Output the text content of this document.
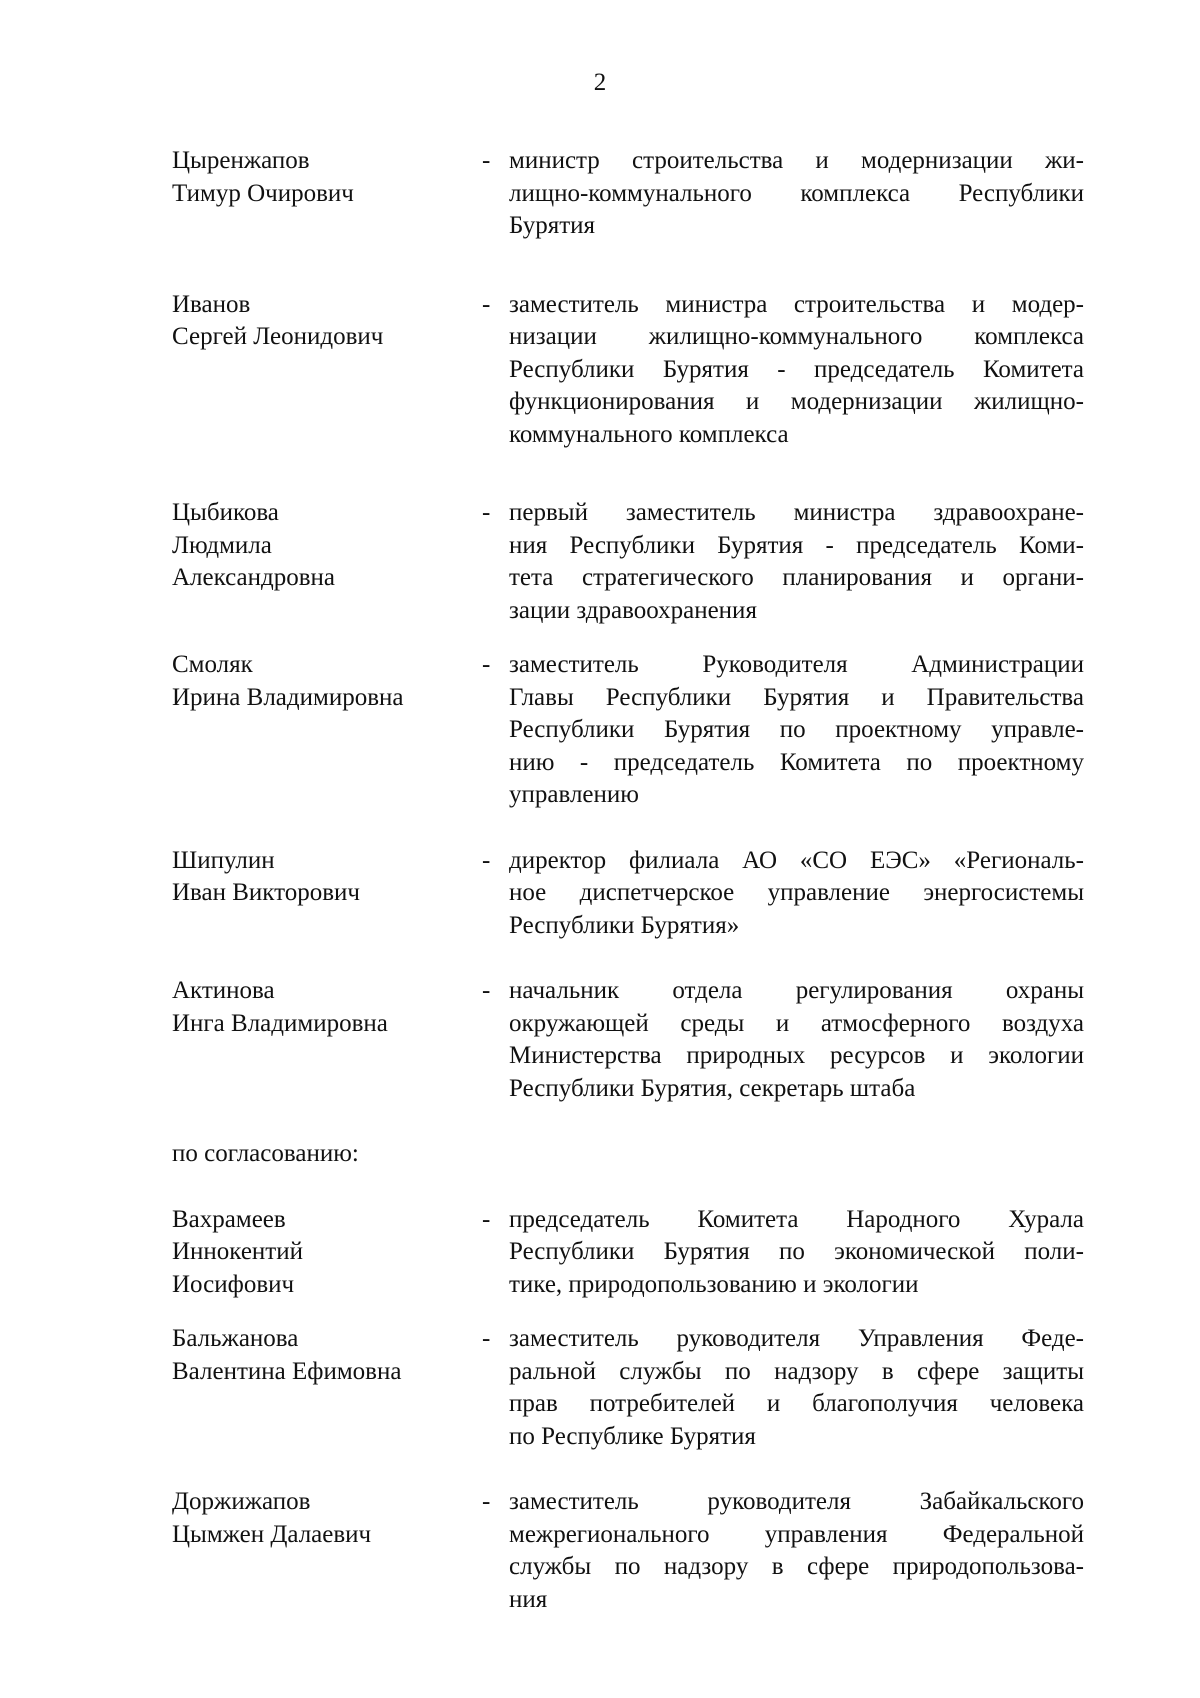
2
Цыренжапов
Тимур Очирович
- министр строительства и модернизации жи-
лищно-коммунального комплекса Республики
Бурятия
Иванов
Сергей Леонидович
- заместитель министра строительства и модер-
низации жилищно-коммунального комплекса
Республики Бурятия - председатель Комитета
функционирования и модернизации жилищно-
коммунального комплекса
Цыбикова
Людмила
Александровна
- первый заместитель министра здравоохране-
ния Республики Бурятия - председатель Коми-
тета стратегического планирования и органи-
зации здравоохранения
Смоляк
Ирина Владимировна
- заместитель Руководителя Администрации
Главы Республики Бурятия и Правительства
Республики Бурятия по проектному управле-
нию - председатель Комитета по проектному
управлению
Шипулин
Иван Викторович
- директор филиала АО «СО ЕЭС» «Региональ-
ное диспетчерское управление энергосистемы
Республики Бурятия»
Актинова
Инга Владимировна
- начальник отдела регулирования охраны
окружающей среды и атмосферного воздуха
Министерства природных ресурсов и экологии
Республики Бурятия, секретарь штаба
по согласованию:
Вахрамеев
Иннокентий
Иосифович
- председатель Комитета Народного Хурала
Республики Бурятия по экономической поли-
тике, природопользованию и экологии
Бальжанова
Валентина Ефимовна
- заместитель руководителя Управления Феде-
ральной службы по надзору в сфере защиты
прав потребителей и благополучия человека
по Республике Бурятия
Доржижапов
Цымжен Далаевич
- заместитель руководителя Забайкальского
межрегионального управления Федеральной
службы по надзору в сфере природопользова-
ния
